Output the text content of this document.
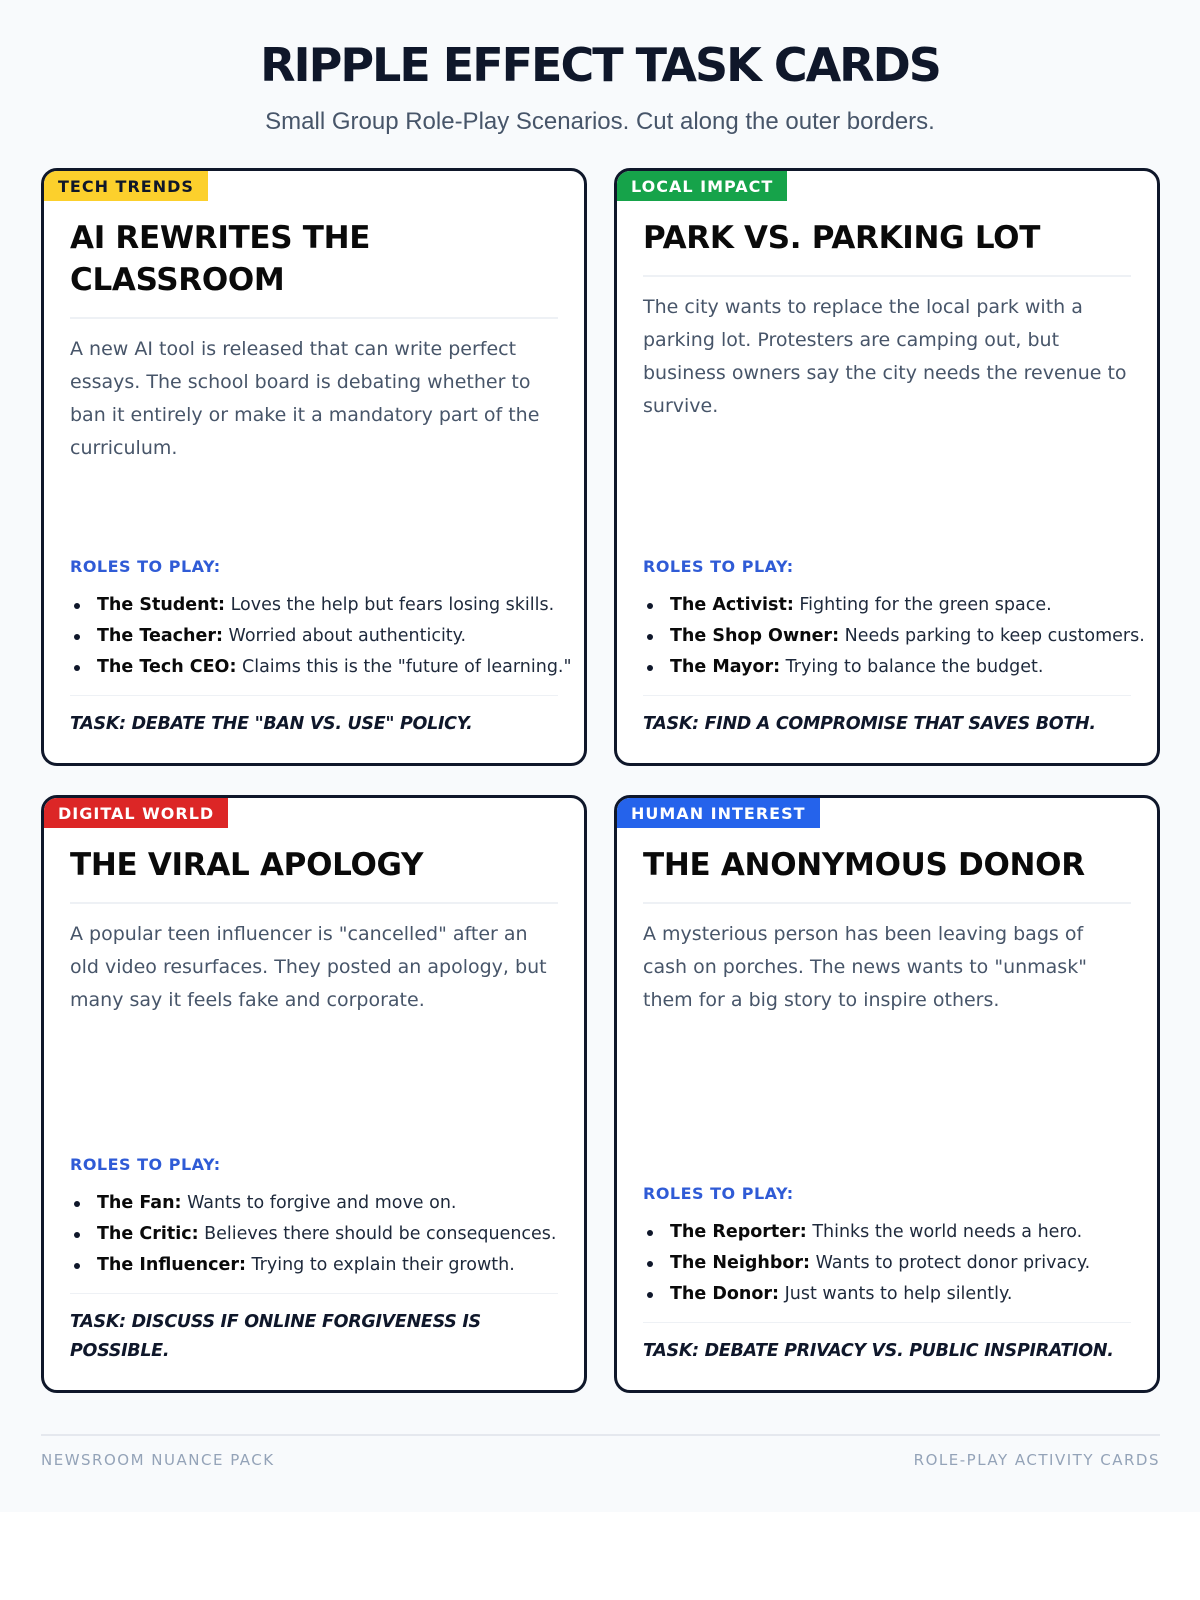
RIPPLE EFFECT TASK CARDS

Small Group Role-Play Scenarios. Cut along the outer borders.

TECH TRENDS
AI REWRITES THE CLASSROOM

A new AI tool is released that can write perfect essays. The school board is debating whether to ban it entirely or make it a mandatory part of the curriculum.

ROLES TO PLAY:
The Student: Loves the help but fears losing skills.
The Teacher: Worried about authenticity.
The Tech CEO: Claims this is the "future of learning."
TASK: DEBATE THE "BAN VS. USE" POLICY.
LOCAL IMPACT
PARK VS. PARKING LOT

The city wants to replace the local park with a parking lot. Protesters are camping out, but business owners say the city needs the revenue to survive.

ROLES TO PLAY:
The Activist: Fighting for the green space.
The Shop Owner: Needs parking to keep customers.
The Mayor: Trying to balance the budget.
TASK: FIND A COMPROMISE THAT SAVES BOTH.
DIGITAL WORLD
THE VIRAL APOLOGY

A popular teen influencer is "cancelled" after an old video resurfaces. They posted an apology, but many say it feels fake and corporate.

ROLES TO PLAY:
The Fan: Wants to forgive and move on.
The Critic: Believes there should be consequences.
The Influencer: Trying to explain their growth.
TASK: DISCUSS IF ONLINE FORGIVENESS IS POSSIBLE.
HUMAN INTEREST
THE ANONYMOUS DONOR

A mysterious person has been leaving bags of cash on porches. The news wants to "unmask" them for a big story to inspire others.

ROLES TO PLAY:
The Reporter: Thinks the world needs a hero.
The Neighbor: Wants to protect donor privacy.
The Donor: Just wants to help silently.
TASK: DEBATE PRIVACY VS. PUBLIC INSPIRATION.
NEWSROOM NUANCE PACK	ROLE-PLAY ACTIVITY CARDS
